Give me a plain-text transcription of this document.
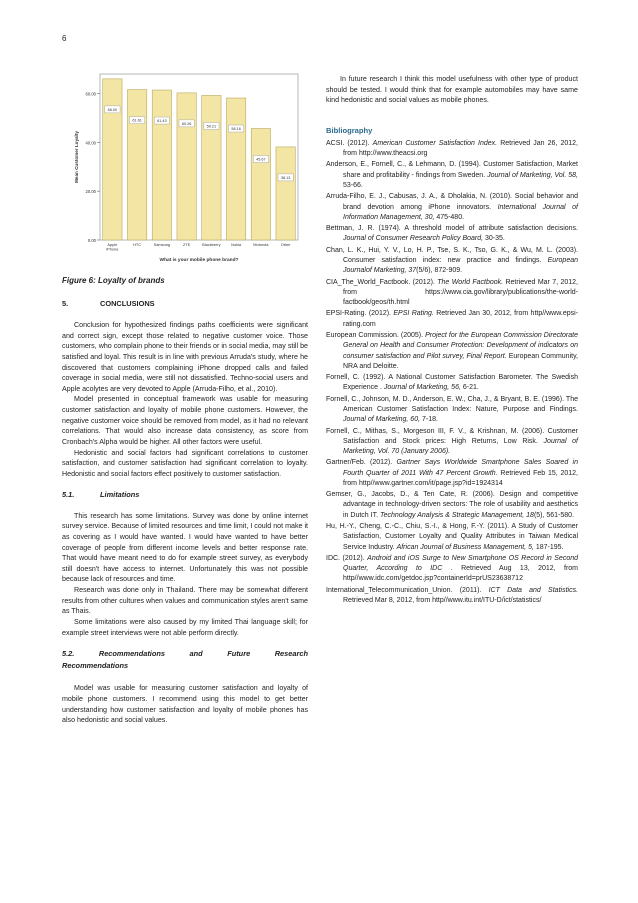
6
0.00
20.00
40.00
60.00
66.00
Apple
iPhone
61.61
HTC
61.43
Samsung
60.26
ZTE
59.21
Blackberry
58.16
Nokia
45.67
Motorola
38.13
Other
Mean Customer Loyalty
What is your mobile phone brand?
Figure 6: Loyalty of brands
5.	CONCLUSIONS

Conclusion for hypothesized findings paths coefficients were significant and correct sign, except those related to negative customer voice. Those customers, who complain phone to their friends or in social media, may still be satisfied and loyal. This result is in line with previous Arruda's study, where he discovered that customers complaining iPhone dropped calls and failed coverage in social media, were still not dissatisfied. Techno-social users and Apple acolytes are very devoted to Apple (Arruda-Filho, et al., 2010).

Model presented in conceptual framework was usable for measuring customer satisfaction and loyalty of mobile phone customers. However, the negative customer voice should be removed from model, as it had no relevant correlations. That would also increase data consistency, as score from Cronbach's Alpha would be higher. All other factors were useful.

Hedonistic and social factors had significant correlations to customer satisfaction, and customer satisfaction had significant correlation to loyalty. Hedonistic and social factors effect positively to customer satisfaction.

5.1.	Limitations

This research has some limitations. Survey was done by online internet survey service. Because of limited resources and time limit, I could not make it as covering as I would have wanted. I would have wanted to have better coverage of people from different income levels and better response rate. That would have meant need to do for example street survey, as everybody still doesn't have access to internet. Unfortunately this was not possible because lack of resources and time.

Research was done only in Thailand. There may be somewhat different results from other cultures when values and communication styles aren't same as Thais.

Some limitations were also caused by my limited Thai language skill; for example street interviews were not able perform directly.

5.2.	Recommendations	and	Future	Research
Recommendations

Model was usable for measuring customer satisfaction and loyalty of mobile phone customers. I recommend using this model to get better understanding how customer satisfaction and loyalty of mobile phones has also hedonistic and social values.

In future research I think this model usefulness with other type of product should be tested. I would think that for example automobiles may have same kind hedonistic and social values as mobile phones.

Bibliography

ACSI. (2012). American Customer Satisfaction Index. Retrieved Jan 26, 2012, from http://www.theacsi.org

Anderson, E., Fornell, C., & Lehmann, D. (1994). Customer Satisfaction, Market share and profitability - findings from Sweden. Journal of Marketing, Vol. 58, 53-66.

Arruda-Filho, E. J., Cabusas, J. A., & Dholakia, N. (2010). Social behavior and brand devotion among iPhone innovators. International Journal of Information Management, 30, 475-480.

Bettman, J. R. (1974). A threshold model of attribute satisfaction decisions. Journal of Consumer Research Policy Board, 30-35.

Chan, L. K., Hui, Y. V., Lo, H. P., Tse, S. K., Tso, G. K., & Wu, M. L. (2003). Consumer satisfaction index: new practice and findings. European Journalof Marketing, 37(5/6), 872-909.

CIA_The_World_Factbook. (2012). The World Factbook. Retrieved Mar 7, 2012, from https://www.cia.gov/library/publications/the-world-factbook/geos/th.html

EPSI-Rating. (2012). EPSI Rating. Retrieved Jan 30, 2012, from http//www.epsi-rating.com

European Commission. (2005). Project for the European Commission Directorate General on Health and Consumer Protection: Development of indicators on consumer satisfaction and Pilot survey, Final Report. European Community, NRA and Deloitte.

Fornell, C. (1992). A National Customer Satisfaction Barometer. The Swedish Experience . Journal of Marketing, 56, 6-21.

Fornell, C., Johnson, M. D., Anderson, E. W., Cha, J., & Bryant, B. E. (1996). The American Customer Satisfaction Index: Nature, Purpose and Findings. Journal of Marketing, 60, 7-18.

Fornell, C., Mithas, S., Morgeson III, F. V., & Krishnan, M. (2006). Customer Satisfaction and Stock prices: High Returns, Low Risk. Journal of Marketing, Vol. 70 (January 2006).

Gartner/Feb. (2012). Gartner Says Worldwide Smartphone Sales Soared in Fourth Quarter of 2011 With 47 Percent Growth. Retrieved Feb 15, 2012, from http//www.gartner.com/it/page.jsp?id=1924314

Gemser, G., Jacobs, D., & Ten Cate, R. (2006). Design and competitive advantage in technology-driven sectors: The role of usability and aesthetics in Dutch IT. Technology Analysis & Strategic Management, 18(5), 561-580.

Hu, H.-Y., Cheng, C.-C., Chiu, S.-I., & Hong, F.-Y. (2011). A Study of Customer Satisfaction, Customer Loyalty and Quality Attributes in Taiwan Medical Service Industry. African Journal of Business Management, 5, 187-195.

IDC. (2012). Android and iOS Surge to New Smartphone OS Record in Second Quarter, According to IDC . Retrieved Aug 13, 2012, from http//www.idc.com/getdoc.jsp?containerId=prUS23638712

International_Telecommunication_Union. (2011). ICT Data and Statistics. Retrieved Mar 8, 2012, from http//www.itu.int/ITU-D/ict/statistics/
